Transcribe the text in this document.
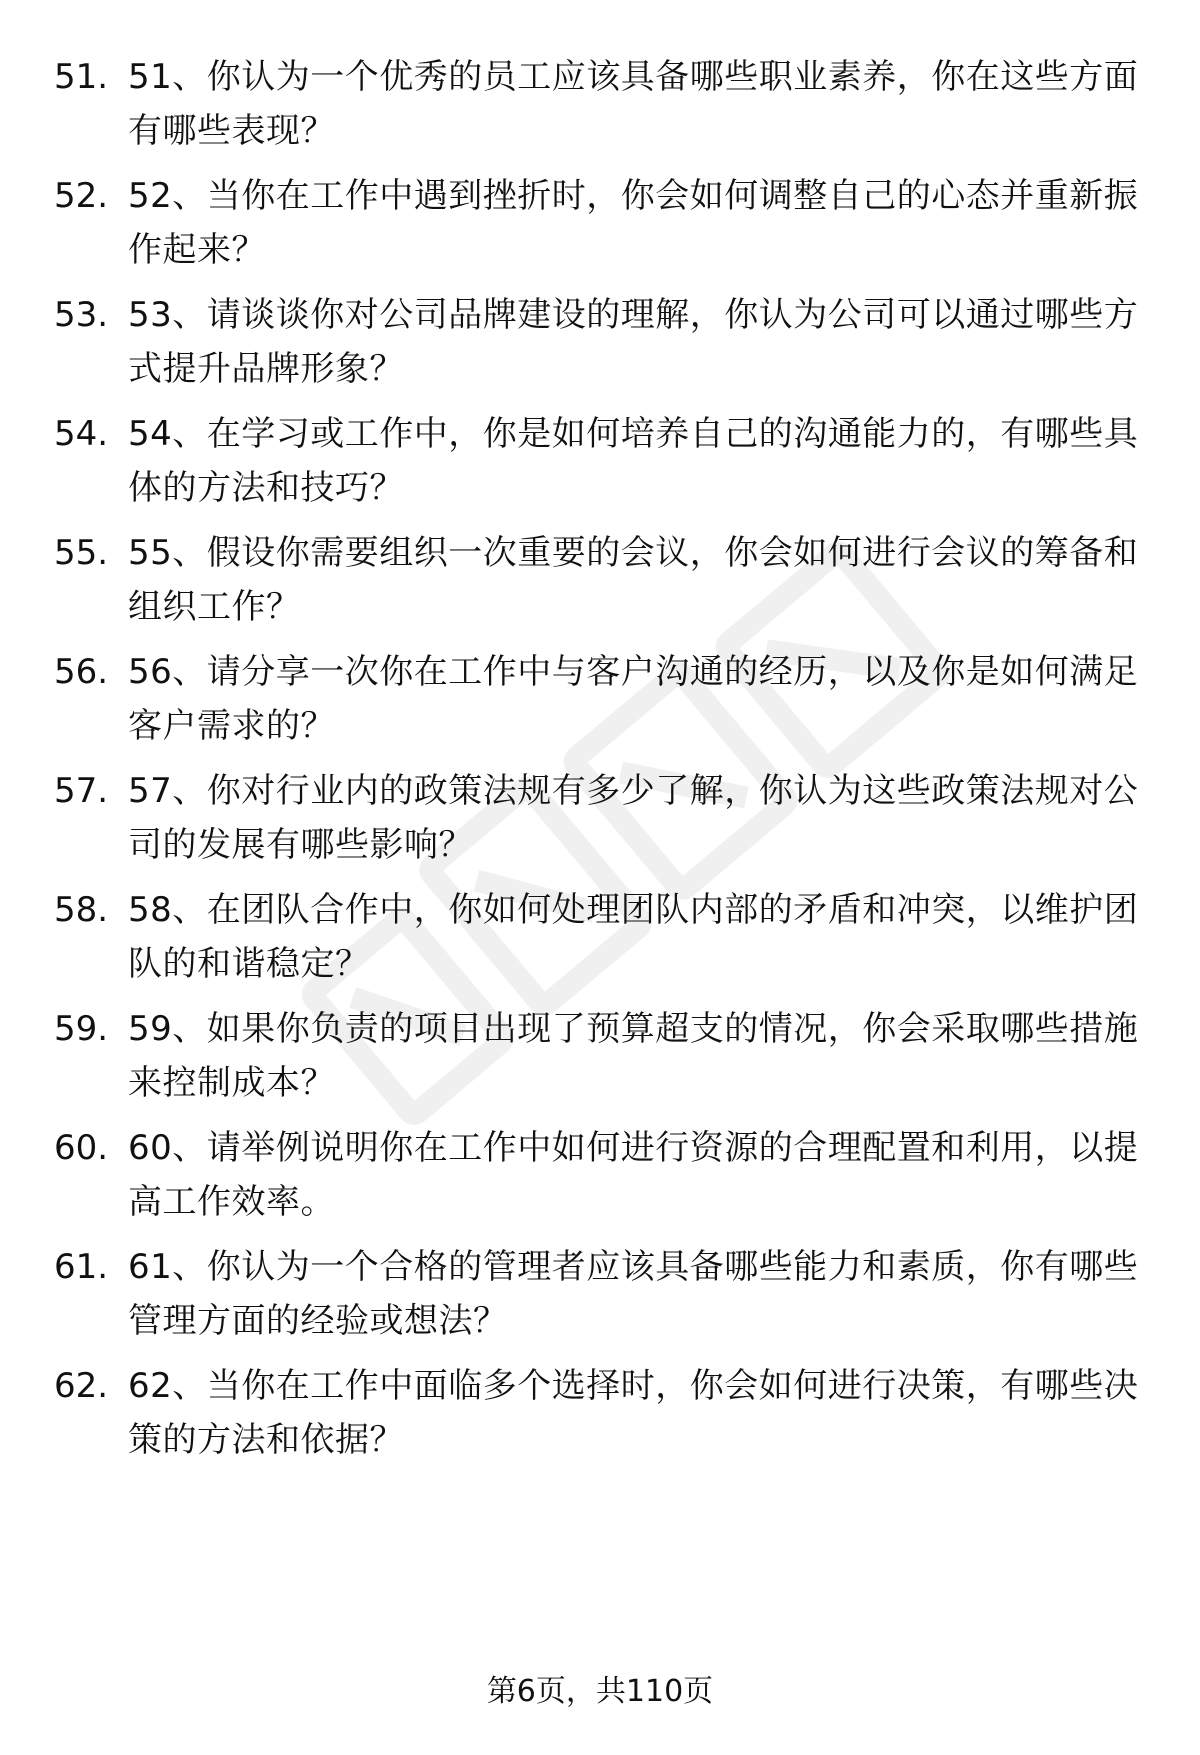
51. 51、你认为一个优秀的员工应该具备哪些职业素养，你在这些方面有哪些表现？
52. 52、当你在工作中遇到挫折时，你会如何调整自己的心态并重新振作起来？
53. 53、请谈谈你对公司品牌建设的理解，你认为公司可以通过哪些方式提升品牌形象？
54. 54、在学习或工作中，你是如何培养自己的沟通能力的，有哪些具体的方法和技巧？
55. 55、假设你需要组织一次重要的会议，你会如何进行会议的筹备和组织工作？
56. 56、请分享一次你在工作中与客户沟通的经历，以及你是如何满足客户需求的？
57. 57、你对行业内的政策法规有多少了解，你认为这些政策法规对公司的发展有哪些影响？
58. 58、在团队合作中，你如何处理团队内部的矛盾和冲突，以维护团队的和谐稳定？
59. 59、如果你负责的项目出现了预算超支的情况，你会采取哪些措施来控制成本？
60. 60、请举例说明你在工作中如何进行资源的合理配置和利用，以提高工作效率。
61. 61、你认为一个合格的管理者应该具备哪些能力和素质，你有哪些管理方面的经验或想法？
62. 62、当你在工作中面临多个选择时，你会如何进行决策，有哪些决策的方法和依据？
第6页，共110页
